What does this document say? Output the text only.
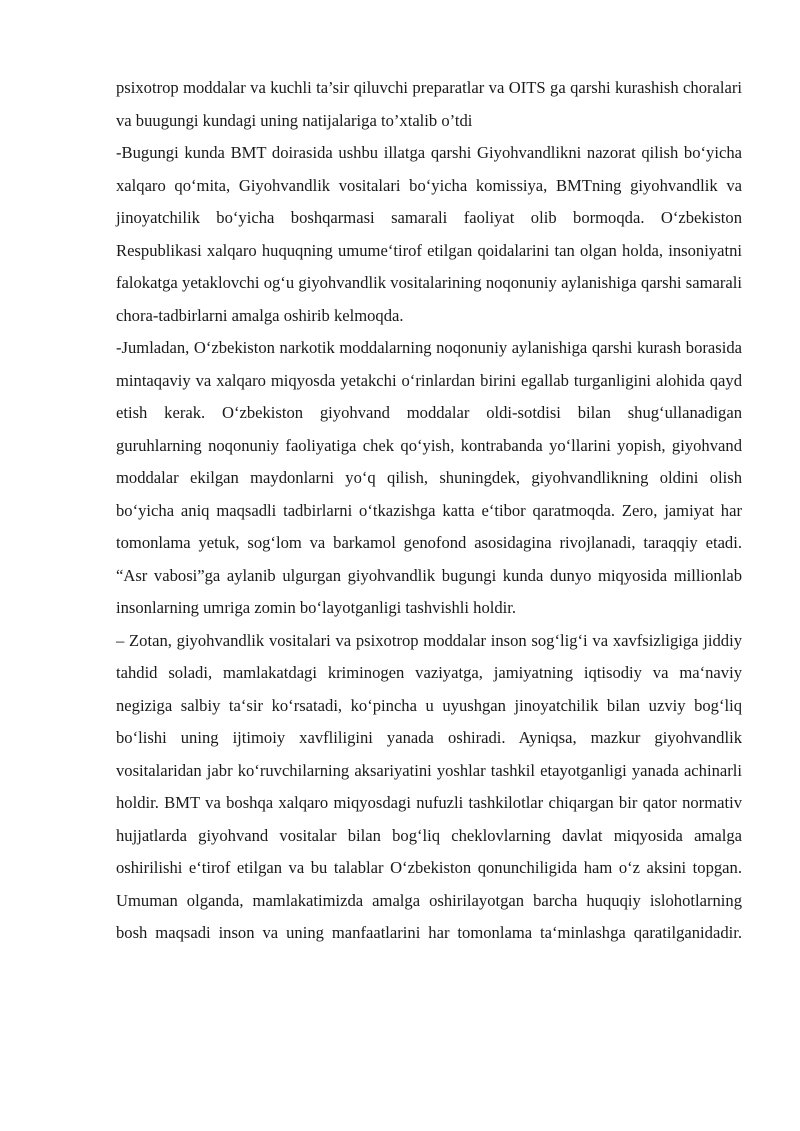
psixotrop moddalar va kuchli ta’sir qiluvchi preparatlar va OITS ga qarshi kurashish choralari va buugungi kundagi uning natijalariga to’xtalib o’tdi

-Bugungi kunda BMT doirasida ushbu illatga qarshi Giyohvandlikni nazorat qilish bo‘yicha xalqaro qo‘mita, Giyohvandlik vositalari bo‘yicha komissiya, BMTning giyohvandlik va jinoyatchilik bo‘yicha boshqarmasi samarali faoliyat olib bormoqda. O‘zbekiston Respublikasi xalqaro huquqning umume‘tirof etilgan qoidalarini tan olgan holda, insoniyatni falokatga yetaklovchi og‘u giyohvandlik vositalarining noqonuniy aylanishiga qarshi samarali chora-tadbirlarni amalga oshirib kelmoqda.

-Jumladan, O‘zbekiston narkotik moddalarning noqonuniy aylanishiga qarshi kurash borasida mintaqaviy va xalqaro miqyosda yetakchi o‘rinlardan birini egallab turganligini alohida qayd etish kerak. O‘zbekiston giyohvand moddalar oldi-sotdisi bilan shug‘ullanadigan guruhlarning noqonuniy faoliyatiga chek qo‘yish, kontrabanda yo‘llarini yopish, giyohvand moddalar ekilgan maydonlarni yo‘q qilish, shuningdek, giyohvandlikning oldini olish bo‘yicha aniq maqsadli tadbirlarni o‘tkazishga katta e‘tibor qaratmoqda. Zero, jamiyat har tomonlama yetuk, sog‘lom va barkamol genofond asosidagina rivojlanadi, taraqqiy etadi. “Asr vabosi”ga aylanib ulgurgan giyohvandlik bugungi kunda dunyo miqyosida millionlab insonlarning umriga zomin bo‘layotganligi tashvishli holdir.

– Zotan, giyohvandlik vositalari va psixotrop moddalar inson sog‘lig‘i va xavfsizligiga jiddiy tahdid soladi, mamlakatdagi kriminogen vaziyatga, jamiyatning iqtisodiy va ma‘naviy negiziga salbiy ta‘sir ko‘rsatadi, ko‘pincha u uyushgan jinoyatchilik bilan uzviy bog‘liq bo‘lishi uning ijtimoiy xavfliligini yanada oshiradi. Ayniqsa, mazkur giyohvandlik vositalaridan jabr ko‘ruvchilarning aksariyatini yoshlar tashkil etayotganligi yanada achinarli holdir. BMT va boshqa xalqaro miqyosdagi nufuzli tashkilotlar chiqargan bir qator normativ hujjatlarda giyohvand vositalar bilan bog‘liq cheklovlarning davlat miqyosida amalga oshirilishi e‘tirof etilgan va bu talablar O‘zbekiston qonunchiligida ham o‘z aksini topgan. Umuman olganda, mamlakatimizda amalga oshirilayotgan barcha huquqiy islohotlarning bosh maqsadi inson va uning manfaatlarini har tomonlama ta‘minlashga qaratilganidadir.
